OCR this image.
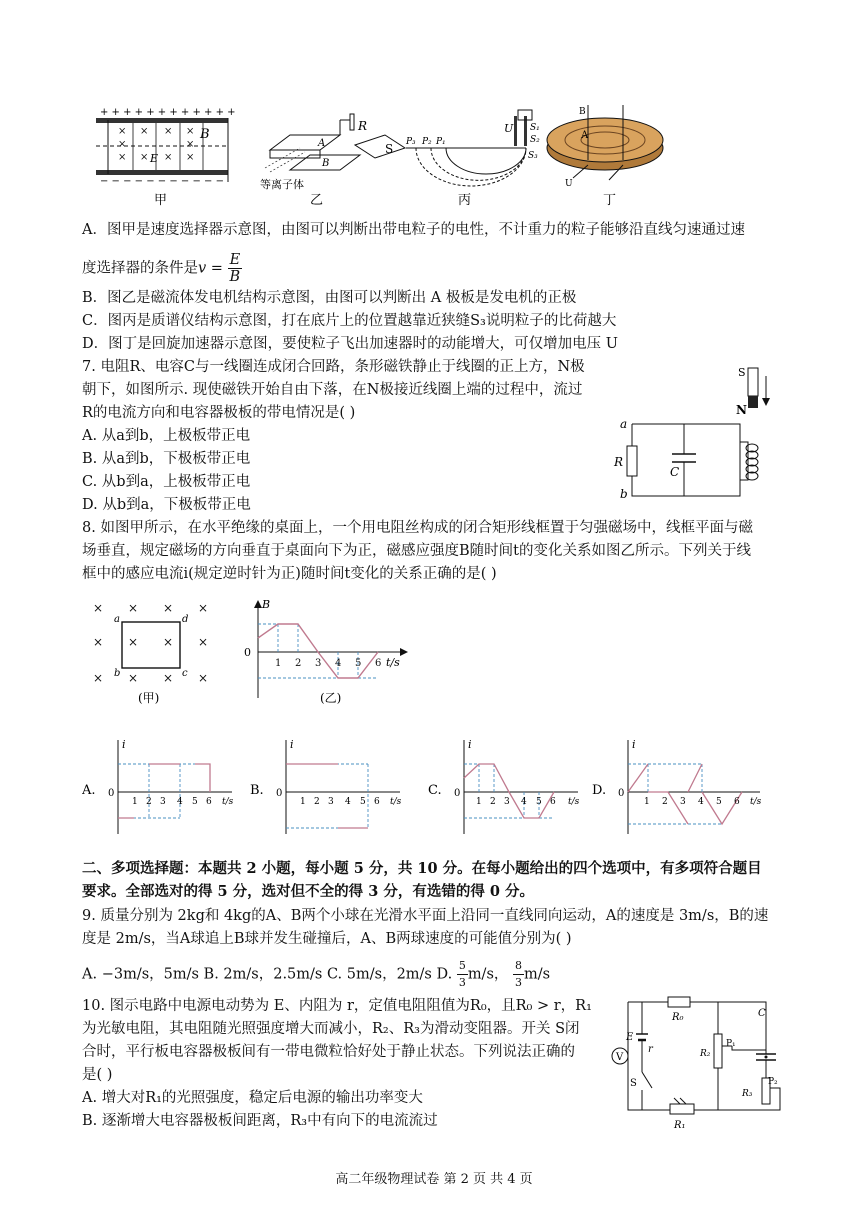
× × × ×
× × × ×
×	×
B
E
+ + + + + + + + + + + +
− − − − − − − − − − −
甲
R
S
A
B
等离子体
乙
U
P₃ P₂ P₁
S₁
S₂
S₃
丙
B
A
U
丁
A．图甲是速度选择器示意图，由图可以判断出带电粒子的电性，不计重力的粒子能够沿直线匀速通过速
度选择器的条件是$v = \frac{E}{B}$
B．图乙是磁流体发电机结构示意图，由图可以判断出 A 极板是发电机的正极
C．图丙是质谱仪结构示意图，打在底片上的位置越靠近狭缝S₃说明粒子的比荷越大
D．图丁是回旋加速器示意图，要使粒子飞出加速器时的动能增大，可仅增加电压 U
7. 电阻R、电容C与一线圈连成闭合回路，条形磁铁静止于线圈的正上方，N极
朝下，如图所示. 现使磁铁开始自由下落，在N极接近线圈上端的过程中，流过
R的电流方向和电容器极板的带电情况是( )
A. 从a到b，上极板带正电
B. 从a到b，下极板带正电
C. 从b到a，上极板带正电
D. 从b到a，下极板带正电
S
N
a
R
b
C
8. 如图甲所示，在水平绝缘的桌面上，一个用电阻丝构成的闭合矩形线框置于匀强磁场中，线框平面与磁
场垂直，规定磁场的方向垂直于桌面向下为正，磁感应强度B随时间t的变化关系如图乙所示。下列关于线
框中的感应电流i(规定逆时针为正)随时间t变化的关系正确的是( )
× × × ×
× × × ×
× × × ×
a	d
b	c
(甲)
B
0
t/s
1 2 3 4 5 6
(乙)
A.
i
0
t/s
1 2 3 4 5 6
B.
i
0
t/s
1 2 3 4 5 6
C.
i
0
t/s
1 2 3 4 5 6
D.
i
0
t/s
1 2 3 4 5 6
二、多项选择题：本题共 2 小题，每小题 5 分，共 10 分。在每小题给出的四个选项中，有多项符合题目
要求。全部选对的得 5 分，选对但不全的得 3 分，有选错的得 0 分。
9. 质量分别为 2kg和 4kg的A、B两个小球在光滑水平面上沿同一直线同向运动，A的速度是 3m/s，B的速
度是 2m/s，当A球追上B球并发生碰撞后，A、B两球速度的可能值分别为( )
A. −3m/s，5m/s B. 2m/s，2.5m/s C. 5m/s，2m/s D. $\frac{5}{3} m/s$， $\frac{8}{3} m/s$
10. 图示电路中电源电动势为 E、内阻为 r，定值电阻阻值为R₀，且R₀ > r，R₁
为光敏电阻，其电阻随光照强度增大而减小，R₂、R₃为滑动变阻器。开关 S闭
合时，平行板电容器极板间有一带电微粒恰好处于静止状态。下列说法正确的
是( )
A. 增大对R₁的光照强度，稳定后电源的输出功率变大
B. 逐渐增大电容器极板间距离，R₃中有向下的电流流过
R₀
E
r
S
V	R₂
P₁
C
R₃
P₂
R₁
高二年级物理试卷 第 2 页 共 4 页
